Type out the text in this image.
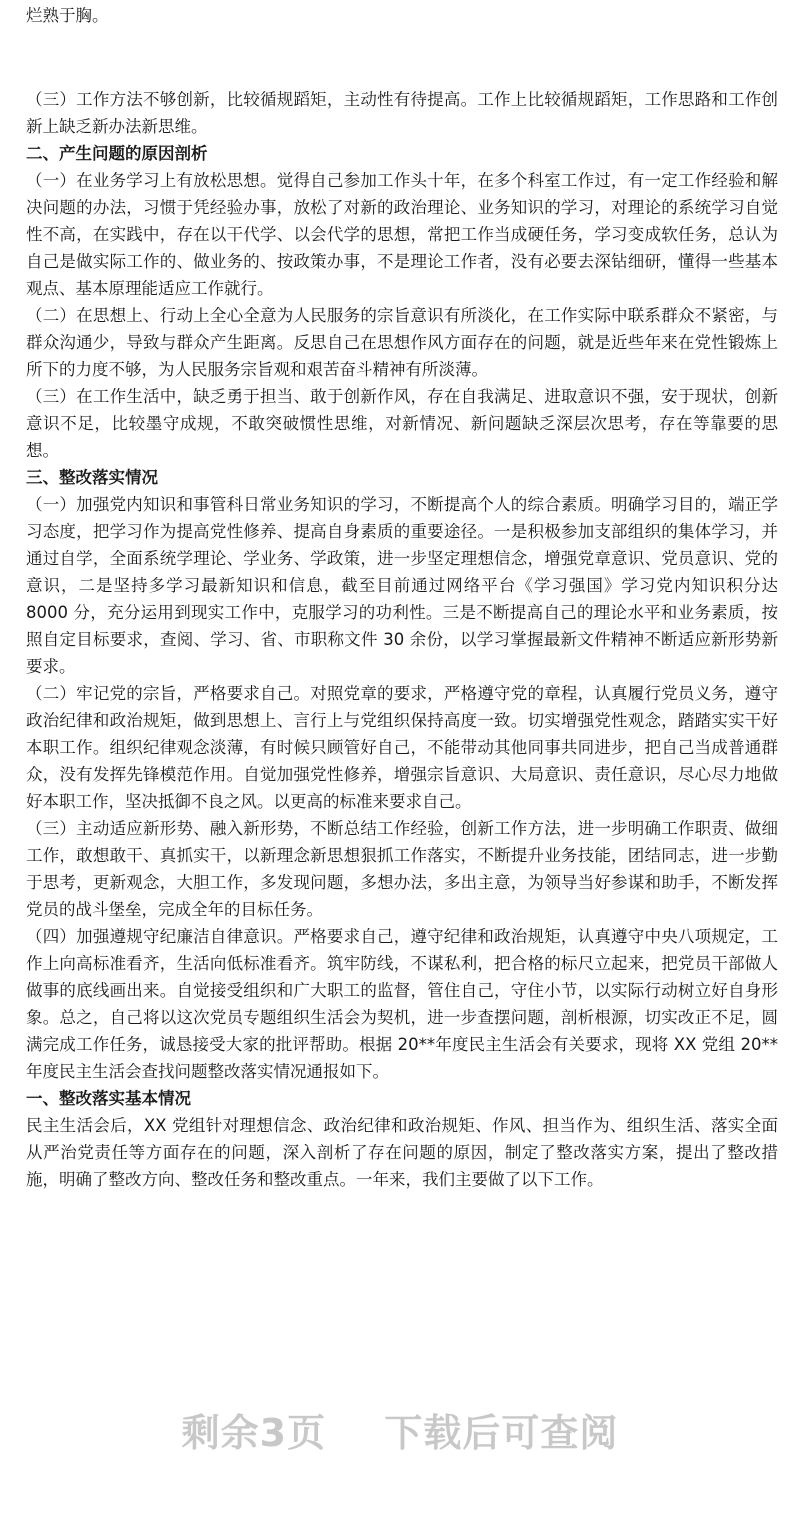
烂熟于胸。

（三）工作方法不够创新，比较循规蹈矩，主动性有待提高。工作上比较循规蹈矩，工作思路和工作创新上缺乏新办法新思维。

二、产生问题的原因剖析

（一）在业务学习上有放松思想。觉得自己参加工作头十年，在多个科室工作过，有一定工作经验和解决问题的办法，习惯于凭经验办事，放松了对新的政治理论、业务知识的学习，对理论的系统学习自觉性不高，在实践中，存在以干代学、以会代学的思想，常把工作当成硬任务，学习变成软任务，总认为自己是做实际工作的、做业务的、按政策办事，不是理论工作者，没有必要去深钻细研，懂得一些基本观点、基本原理能适应工作就行。

（二）在思想上、行动上全心全意为人民服务的宗旨意识有所淡化，在工作实际中联系群众不紧密，与群众沟通少，导致与群众产生距离。反思自己在思想作风方面存在的问题，就是近些年来在党性锻炼上所下的力度不够，为人民服务宗旨观和艰苦奋斗精神有所淡薄。

（三）在工作生活中，缺乏勇于担当、敢于创新作风，存在自我满足、进取意识不强，安于现状，创新意识不足，比较墨守成规，不敢突破惯性思维，对新情况、新问题缺乏深层次思考，存在等靠要的思想。

三、整改落实情况

（一）加强党内知识和事管科日常业务知识的学习，不断提高个人的综合素质。明确学习目的，端正学习态度，把学习作为提高党性修养、提高自身素质的重要途径。一是积极参加支部组织的集体学习，并通过自学，全面系统学理论、学业务、学政策，进一步坚定理想信念，增强党章意识、党员意识、党的意识，二是坚持多学习最新知识和信息，截至目前通过网络平台《学习强国》学习党内知识积分达 8000 分，充分运用到现实工作中，克服学习的功利性。三是不断提高自己的理论水平和业务素质，按照自定目标要求，查阅、学习、省、市职称文件 30 余份，以学习掌握最新文件精神不断适应新形势新要求。

（二）牢记党的宗旨，严格要求自己。对照党章的要求，严格遵守党的章程，认真履行党员义务，遵守政治纪律和政治规矩，做到思想上、言行上与党组织保持高度一致。切实增强党性观念，踏踏实实干好本职工作。组织纪律观念淡薄，有时候只顾管好自己，不能带动其他同事共同进步，把自己当成普通群众，没有发挥先锋模范作用。自觉加强党性修养，增强宗旨意识、大局意识、责任意识，尽心尽力地做好本职工作，坚决抵御不良之风。以更高的标准来要求自己。

（三）主动适应新形势、融入新形势，不断总结工作经验，创新工作方法，进一步明确工作职责、做细工作，敢想敢干、真抓实干，以新理念新思想狠抓工作落实，不断提升业务技能，团结同志，进一步勤于思考，更新观念，大胆工作，多发现问题，多想办法，多出主意，为领导当好参谋和助手，不断发挥党员的战斗堡垒，完成全年的目标任务。

（四）加强遵规守纪廉洁自律意识。严格要求自己，遵守纪律和政治规矩，认真遵守中央八项规定，工作上向高标准看齐，生活向低标准看齐。筑牢防线，不谋私利，把合格的标尺立起来，把党员干部做人做事的底线画出来。自觉接受组织和广大职工的监督，管住自己，守住小节，以实际行动树立好自身形象。总之，自己将以这次党员专题组织生活会为契机，进一步查摆问题，剖析根源，切实改正不足，圆满完成工作任务，诚恳接受大家的批评帮助。根据 20**年度民主生活会有关要求，现将 XX 党组 20**年度民主生活会查找问题整改落实情况通报如下。

一、整改落实基本情况

民主生活会后，XX 党组针对理想信念、政治纪律和政治规矩、作风、担当作为、组织生活、落实全面从严治党责任等方面存在的问题，深入剖析了存在问题的原因，制定了整改落实方案，提出了整改措施，明确了整改方向、整改任务和整改重点。一年来，我们主要做了以下工作。

剩余3页 下载后可查阅
